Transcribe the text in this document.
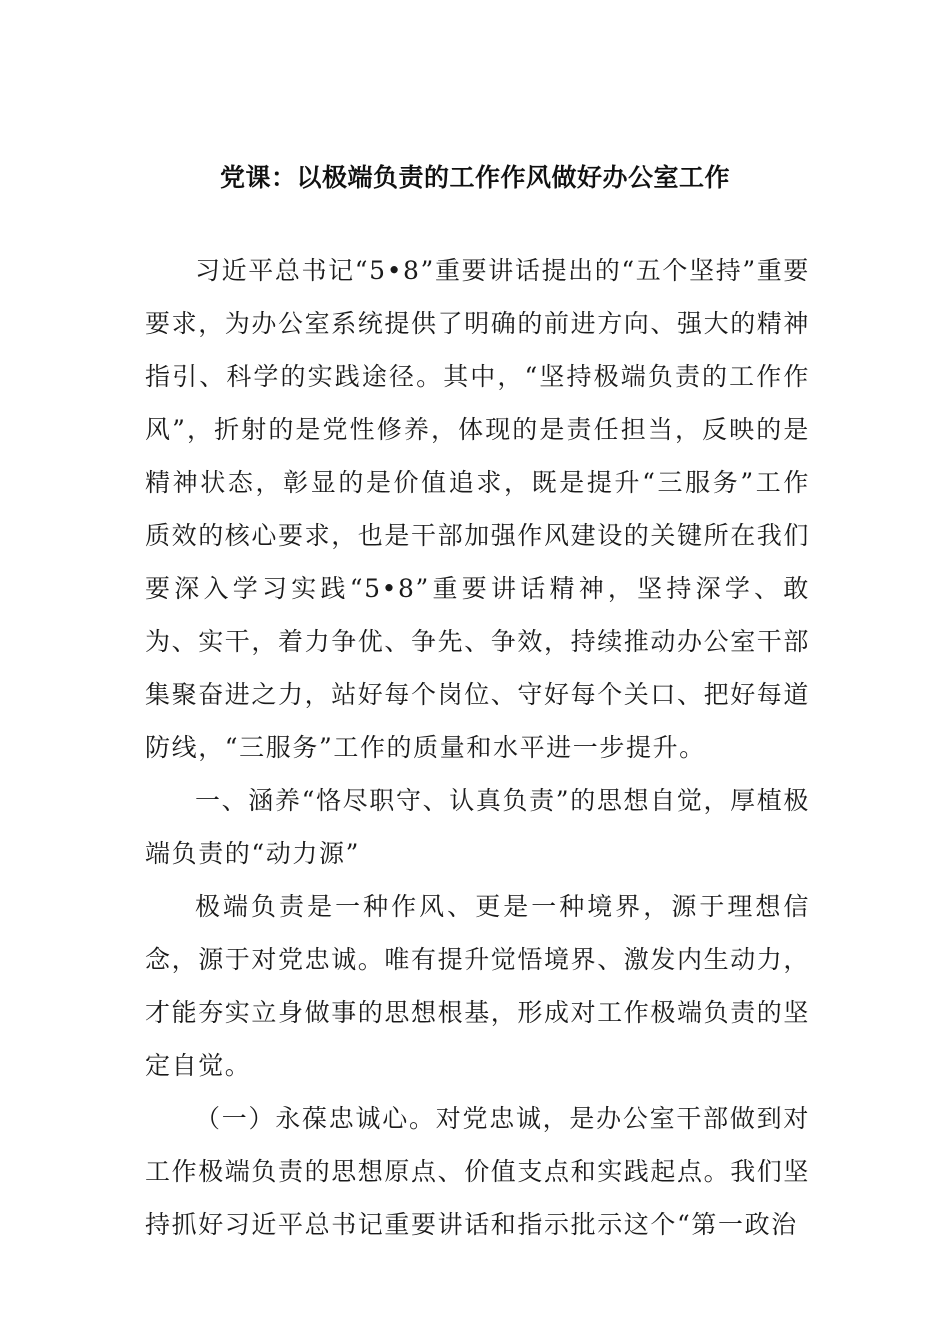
党课：以极端负责的工作作风做好办公室工作

习近平总书记“5•8”重要讲话提出的“五个坚持”重要要求，为办公室系统提供了明确的前进方向、强大的精神指引、科学的实践途径。其中，“坚持极端负责的工作作风”，折射的是党性修养，体现的是责任担当，反映的是精神状态，彰显的是价值追求，既是提升“三服务”工作质效的核心要求，也是干部加强作风建设的关键所在我们要深入学习实践“5•8”重要讲话精神，坚持深学、敢为、实干，着力争优、争先、争效，持续推动办公室干部集聚奋进之力，站好每个岗位、守好每个关口、把好每道防线，“三服务”工作的质量和水平进一步提升。

一、涵养“恪尽职守、认真负责”的思想自觉，厚植极端负责的“动力源”

极端负责是一种作风、更是一种境界，源于理想信念，源于对党忠诚。唯有提升觉悟境界、激发内生动力，才能夯实立身做事的思想根基，形成对工作极端负责的坚定自觉。

（一）永葆忠诚心。对党忠诚，是办公室干部做到对工作极端负责的思想原点、价值支点和实践起点。我们坚持抓好习近平总书记重要讲话和指示批示这个“第一政治
